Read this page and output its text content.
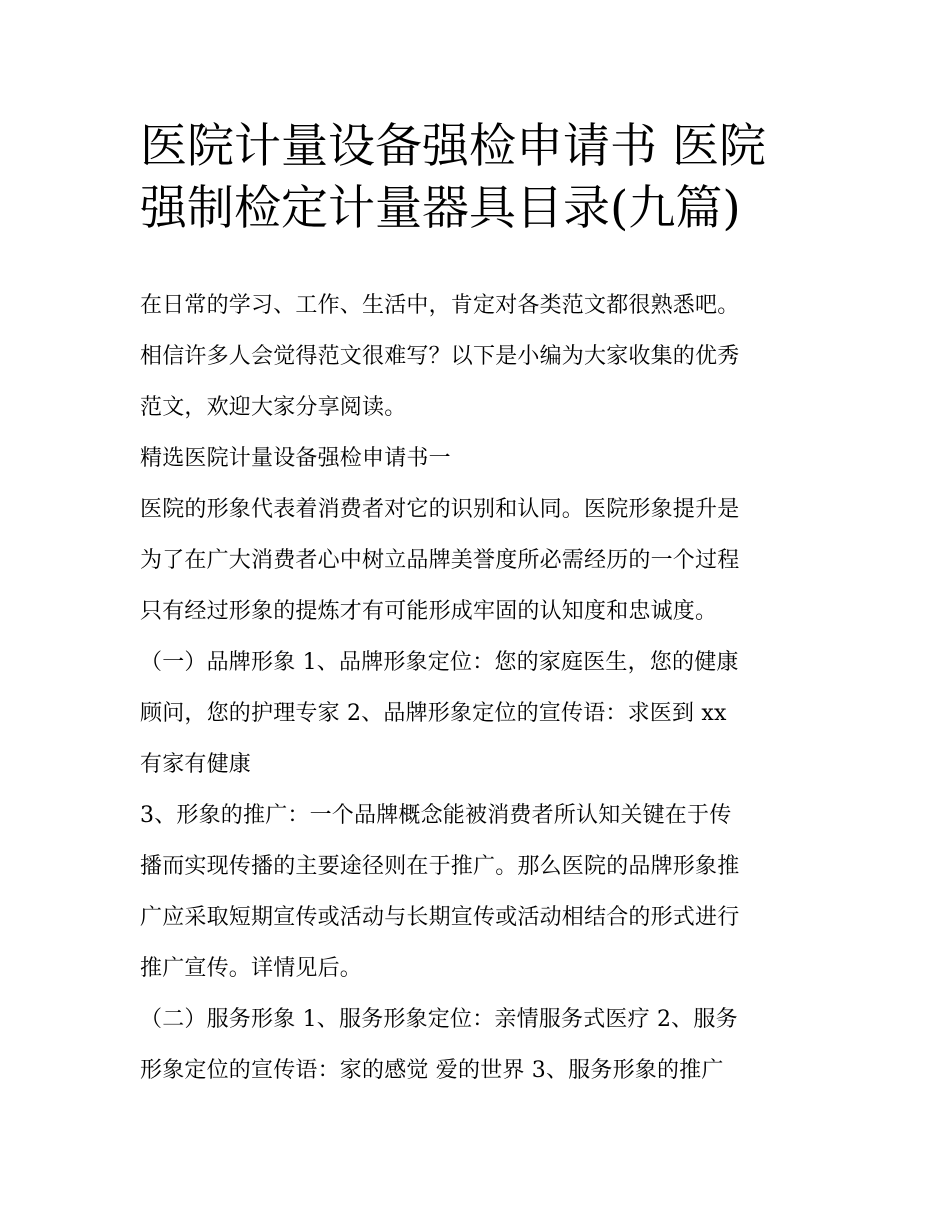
医院计量设备强检申请书 医院
强制检定计量器具目录(九篇)

在日常的学习、工作、生活中，肯定对各类范文都很熟悉吧。
相信许多人会觉得范文很难写？以下是小编为大家收集的优秀
范文，欢迎大家分享阅读。

精选医院计量设备强检申请书一

医院的形象代表着消费者对它的识别和认同。医院形象提升是
为了在广大消费者心中树立品牌美誉度所必需经历的一个过程
只有经过形象的提炼才有可能形成牢固的认知度和忠诚度。

（一）品牌形象 1、品牌形象定位：您的家庭医生，您的健康
顾问，您的护理专家 2、品牌形象定位的宣传语：求医到 xx
有家有健康

3、形象的推广：一个品牌概念能被消费者所认知关键在于传
播而实现传播的主要途径则在于推广。那么医院的品牌形象推
广应采取短期宣传或活动与长期宣传或活动相结合的形式进行
推广宣传。详情见后。

（二）服务形象 1、服务形象定位：亲情服务式医疗 2、服务
形象定位的宣传语：家的感觉 爱的世界 3、服务形象的推广
